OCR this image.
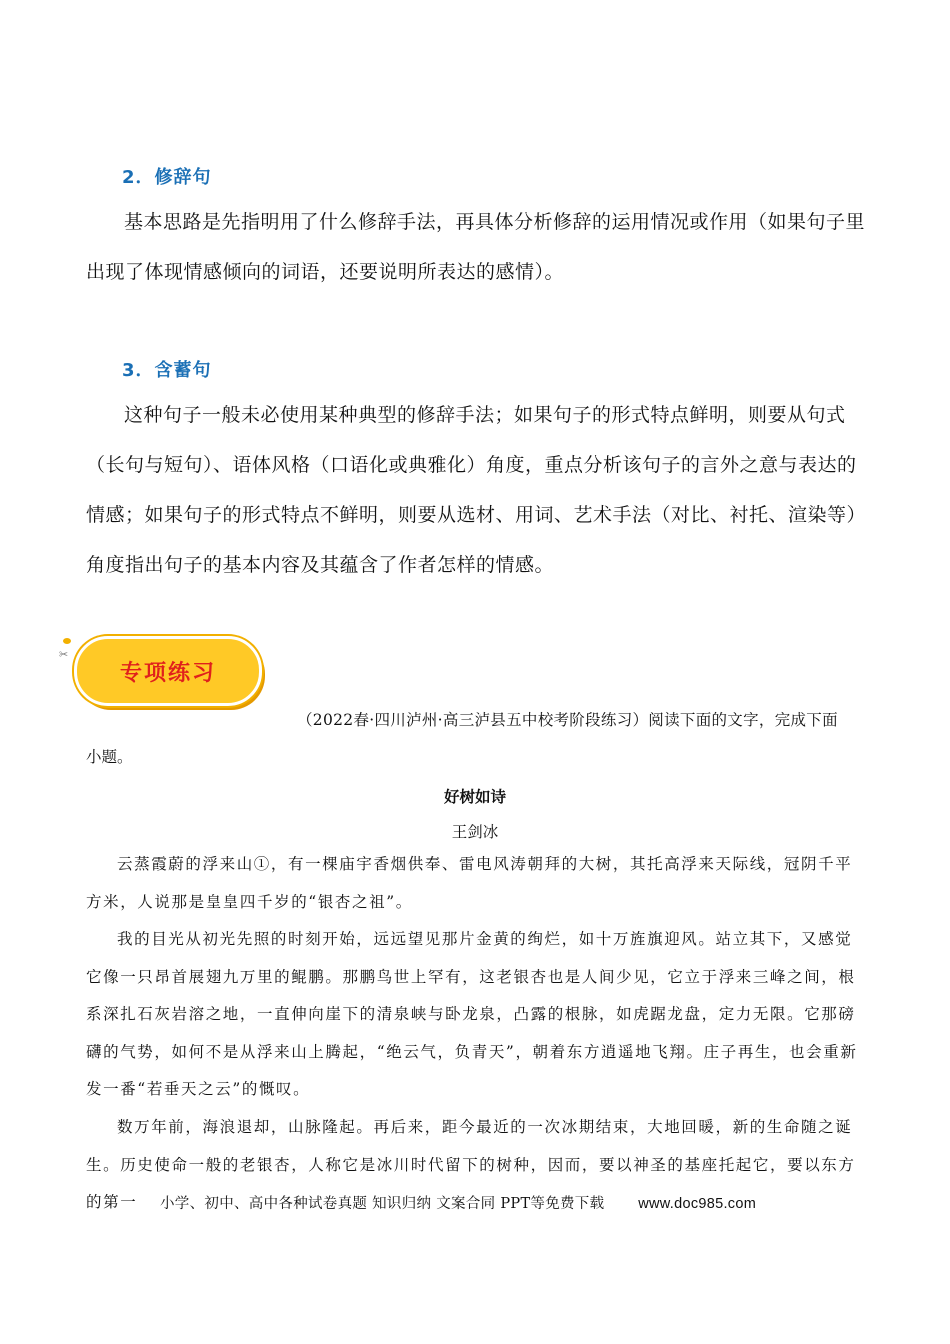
2．修辞句

基本思路是先指明用了什么修辞手法，再具体分析修辞的运用情况或作用（如果句子里出现了体现情感倾向的词语，还要说明所表达的感情）。

3．含蓄句

这种句子一般未必使用某种典型的修辞手法；如果句子的形式特点鲜明，则要从句式（长句与短句）、语体风格（口语化或典雅化）角度，重点分析该句子的言外之意与表达的情感；如果句子的形式特点不鲜明，则要从选材、用词、艺术手法（对比、衬托、渲染等）角度指出句子的基本内容及其蕴含了作者怎样的情感。

✂
专项练习
（2022春·四川泸州·高三泸县五中校考阶段练习）阅读下面的文字，完成下面
小题。
好树如诗
王剑冰

云蒸霞蔚的浮来山①，有一棵庙宇香烟供奉、雷电风涛朝拜的大树，其托高浮来天际线，冠阴千平方米，人说那是皇皇四千岁的“银杏之祖”。

我的目光从初光先照的时刻开始，远远望见那片金黄的绚烂，如十万旌旗迎风。站立其下，又感觉它像一只昂首展翅九万里的鲲鹏。那鹏鸟世上罕有，这老银杏也是人间少见，它立于浮来三峰之间，根系深扎石灰岩溶之地，一直伸向崖下的清泉峡与卧龙泉，凸露的根脉，如虎踞龙盘，定力无限。它那磅礴的气势，如何不是从浮来山上腾起，“绝云气，负青天”，朝着东方逍遥地飞翔。庄子再生，也会重新发一番“若垂天之云”的慨叹。

数万年前，海浪退却，山脉隆起。再后来，距今最近的一次冰期结束，大地回暖，新的生命随之诞生。历史使命一般的老银杏，人称它是冰川时代留下的树种，因而，要以神圣的基座托起它，要以东方的第一	小学、初中、高中各种试卷真题 知识归纳 文案合同 PPT等免费下载 www.doc985.com
